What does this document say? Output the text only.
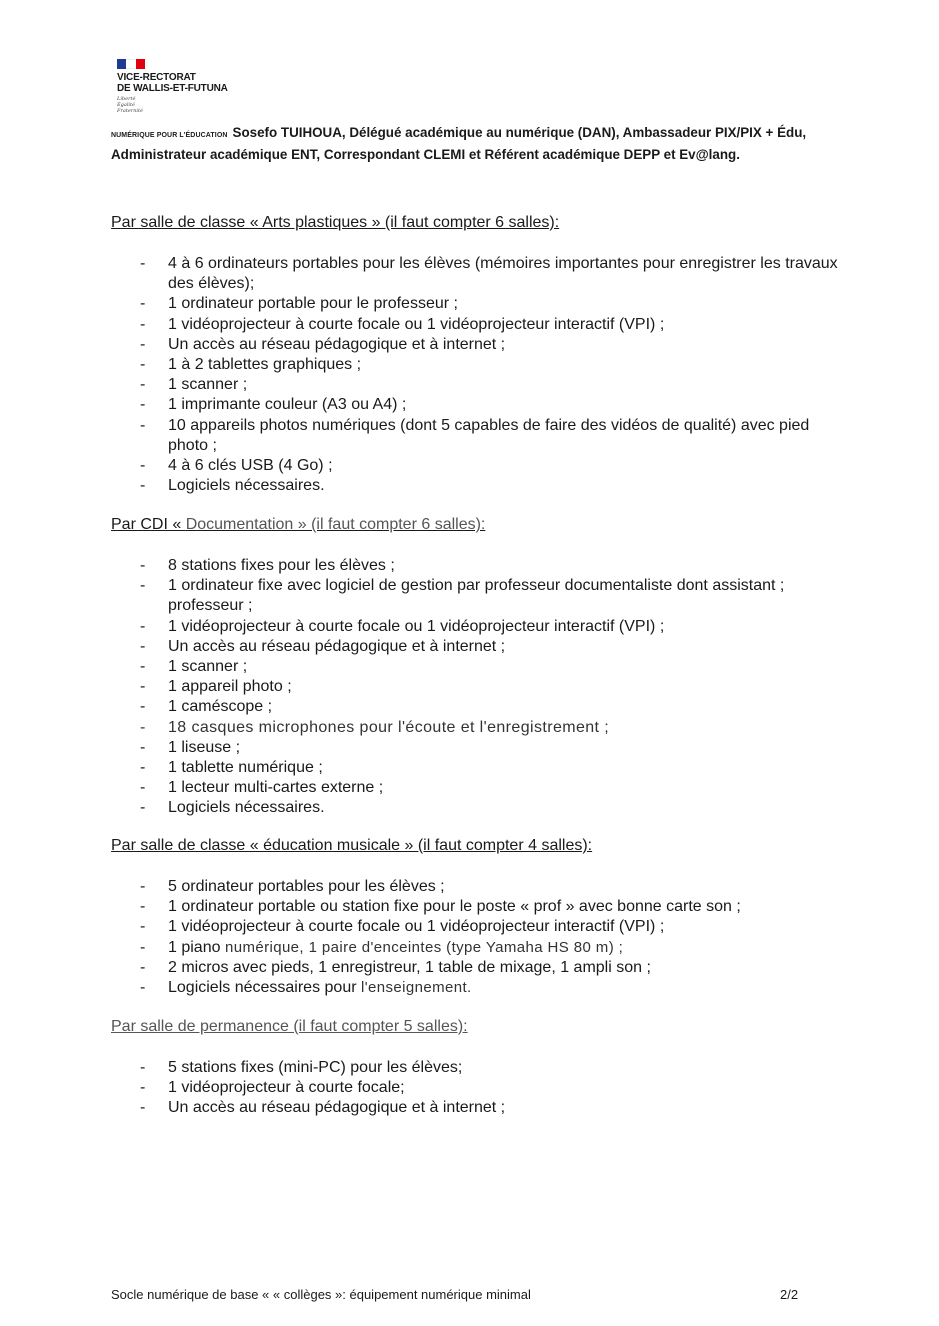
VICE-RECTORAT
DE WALLIS-ET-FUTUNA
Liberté
Égalité
Fraternité
NUMÉRIQUE POUR L'ÉDUCATION Sosefo TUIHOUA, Délégué académique au numérique (DAN), Ambassadeur PIX/PIX + Édu, Administrateur académique ENT, Correspondant CLEMI et Référent académique DEPP et Ev@lang.
Par salle de classe « Arts plastiques » (il faut compter 6 salles):
- 4 à 6 ordinateurs portables pour les élèves (mémoires importantes pour enregistrer les travaux des élèves);
- 1 ordinateur portable pour le professeur ;
- 1 vidéoprojecteur à courte focale ou 1 vidéoprojecteur interactif (VPI) ;
- Un accès au réseau pédagogique et à internet ;
- 1 à 2 tablettes graphiques ;
- 1 scanner ;
- 1 imprimante couleur (A3 ou A4) ;
- 10 appareils photos numériques (dont 5 capables de faire des vidéos de qualité) avec pied photo ;
- 4 à 6 clés USB (4 Go) ;
- Logiciels nécessaires.
Par CDI « Documentation » (il faut compter 6 salles):
- 8 stations fixes pour les élèves ;
- 1 ordinateur fixe avec logiciel de gestion par professeur documentaliste dont assistant ; professeur ;
- 1 vidéoprojecteur à courte focale ou 1 vidéoprojecteur interactif (VPI) ;
- Un accès au réseau pédagogique et à internet ;
- 1 scanner ;
- 1 appareil photo ;
- 1 caméscope ;
- 18 casques microphones pour l'écoute et l'enregistrement ;
- 1 liseuse ;
- 1 tablette numérique ;
- 1 lecteur multi-cartes externe ;
- Logiciels nécessaires.
Par salle de classe « éducation musicale » (il faut compter 4 salles):
- 5 ordinateur portables pour les élèves ;
- 1 ordinateur portable ou station fixe pour le poste « prof » avec bonne carte son ;
- 1 vidéoprojecteur à courte focale ou 1 vidéoprojecteur interactif (VPI) ;
- 1 piano numérique, 1 paire d'enceintes (type Yamaha HS 80 m) ;
- 2 micros avec pieds, 1 enregistreur, 1 table de mixage, 1 ampli son ;
- Logiciels nécessaires pour l'enseignement.
Par salle de permanence (il faut compter 5 salles):
- 5 stations fixes (mini-PC) pour les élèves;
- 1 vidéoprojecteur à courte focale;
- Un accès au réseau pédagogique et à internet ;
Socle numérique de base « « collèges »: équipement numérique minimal	2/2
